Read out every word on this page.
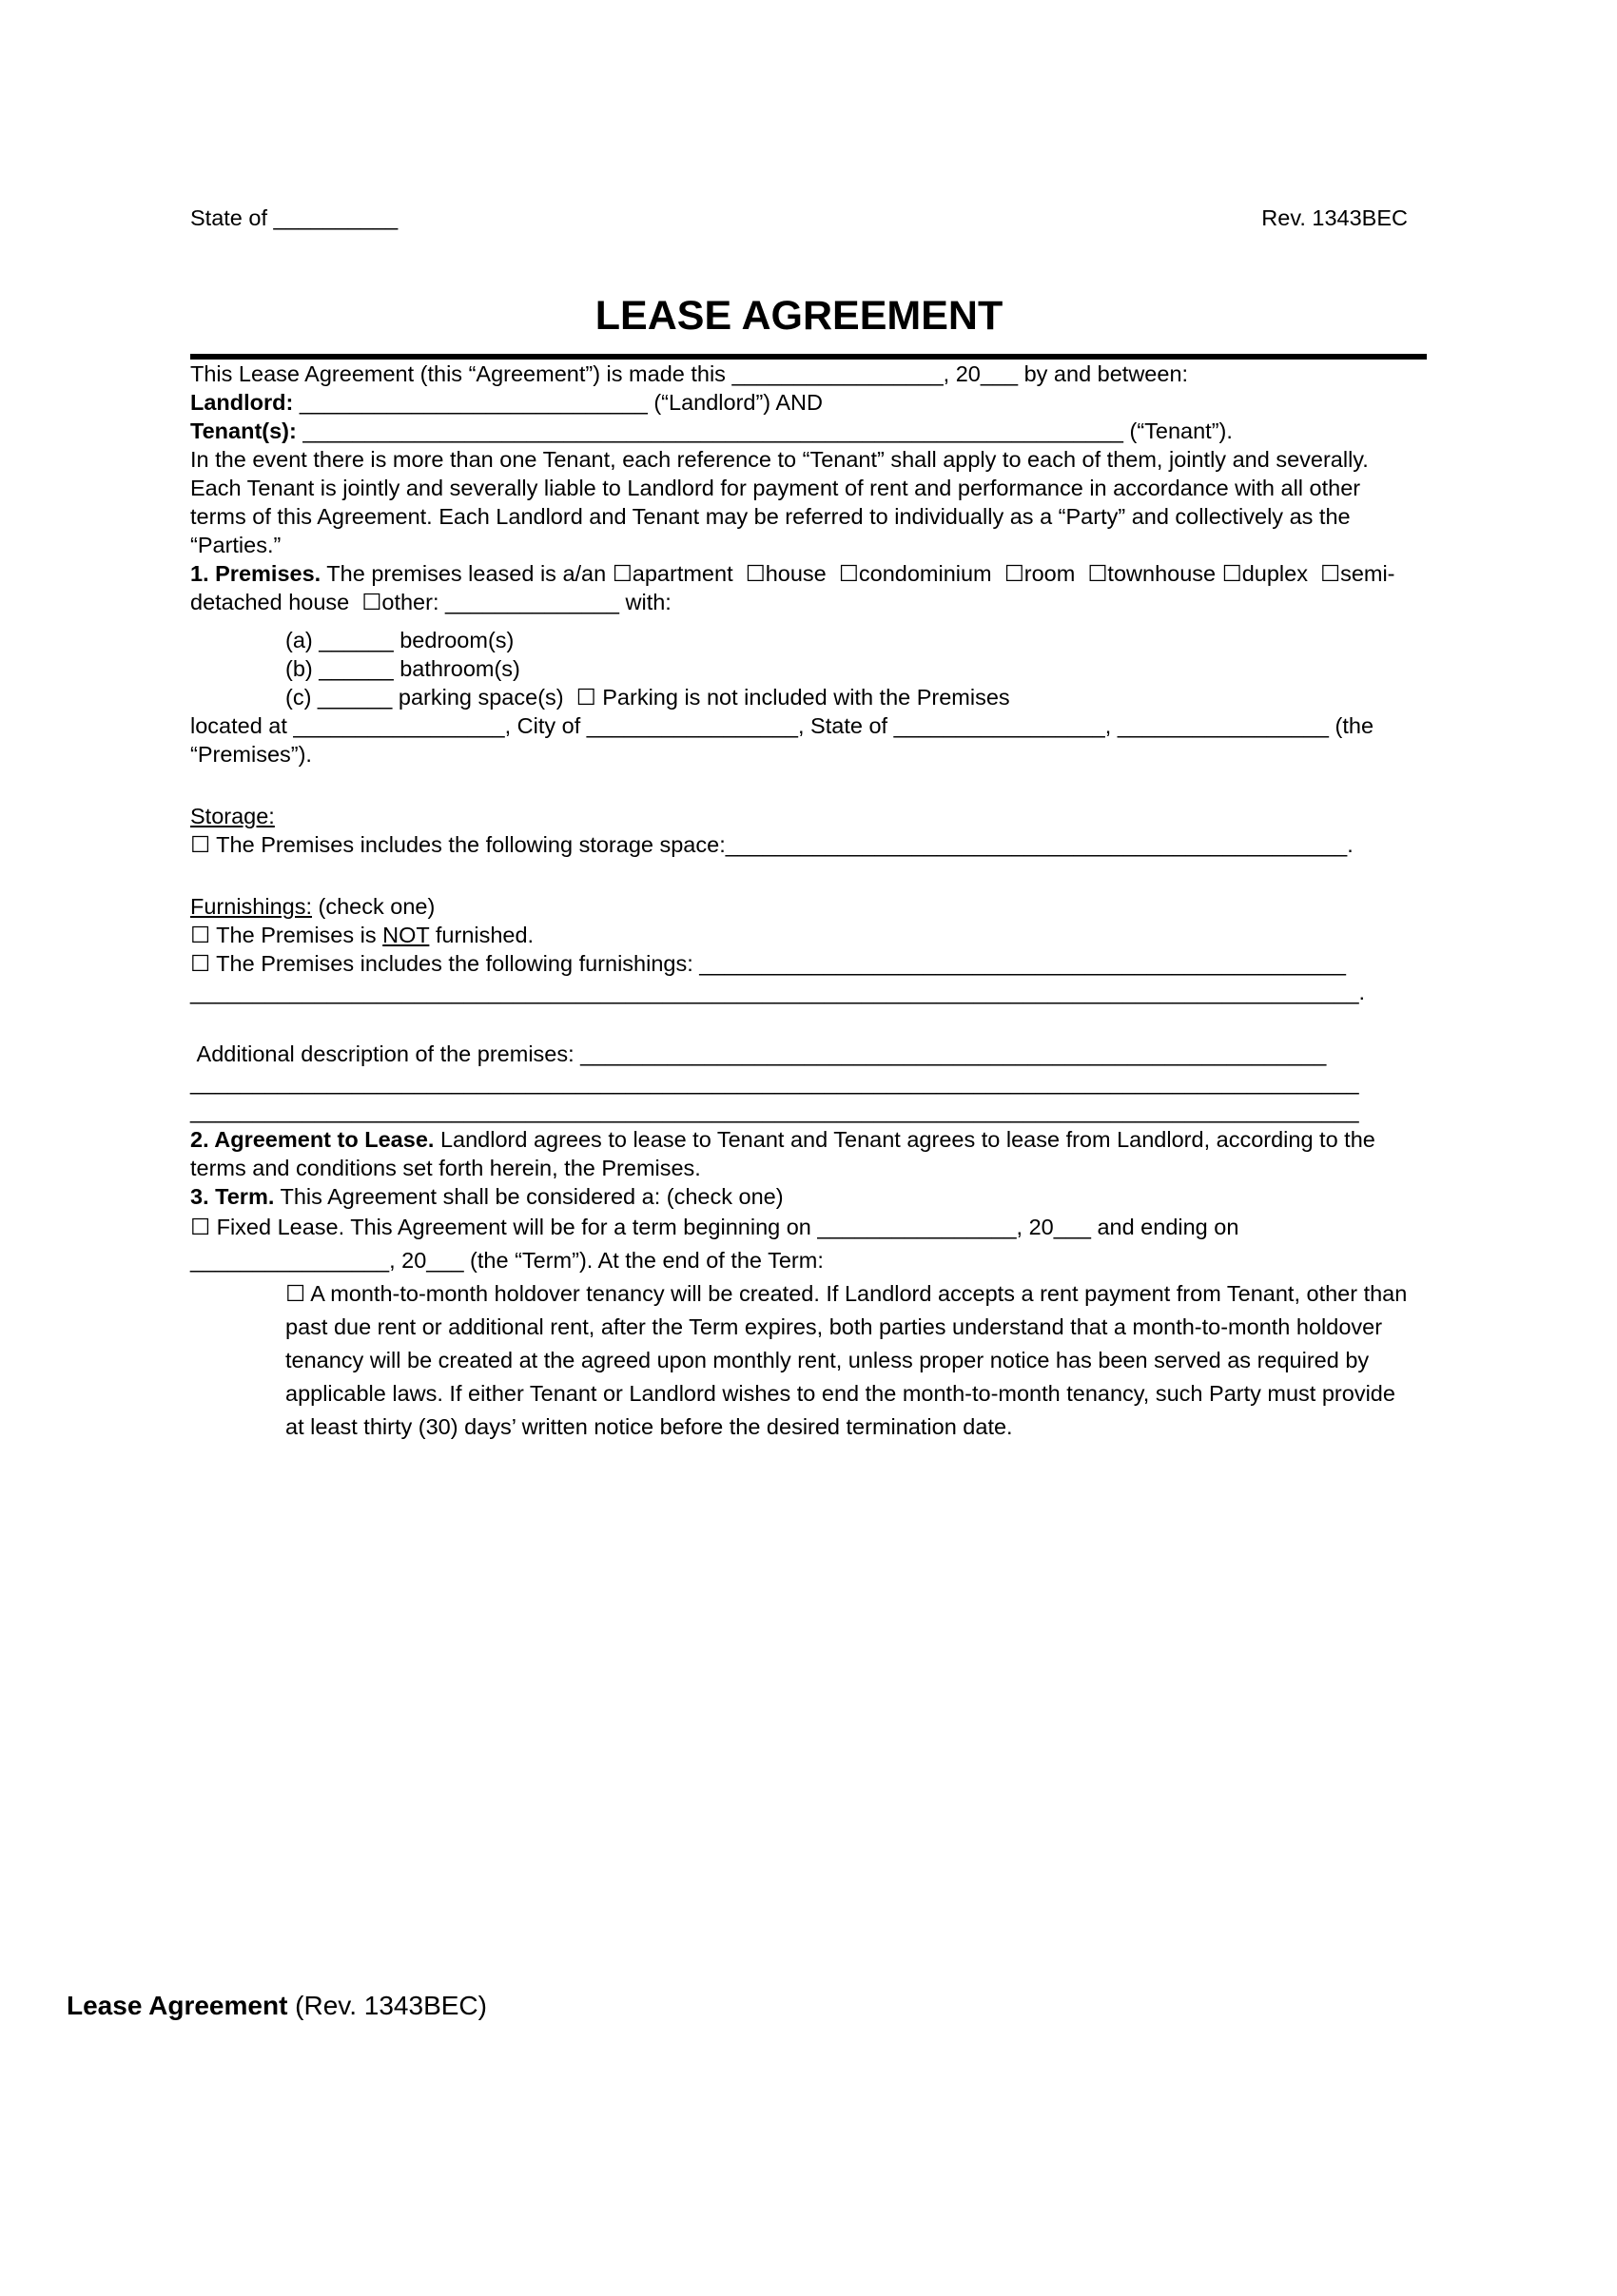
State of __________	Rev. 1343BEC
LEASE AGREEMENT

This Lease Agreement (this “Agreement”) is made this _________________, 20___ by and between:

Landlord: ____________________________ (“Landlord”) AND

Tenant(s): __________________________________________________________________ (“Tenant”).

In the event there is more than one Tenant, each reference to “Tenant” shall apply to each of them, jointly and severally. Each Tenant is jointly and severally liable to Landlord for payment of rent and performance in accordance with all other terms of this Agreement. Each Landlord and Tenant may be referred to individually as a “Party” and collectively as the “Parties.”

1. Premises. The premises leased is a/an ☐apartment  ☐house  ☐condominium  ☐room  ☐townhouse ☐duplex  ☐semi-detached house  ☐other: ______________ with:

(a) ______ bedroom(s)

(b) ______ bathroom(s)

(c) ______ parking space(s)  ☐ Parking is not included with the Premises

located at _________________, City of _________________, State of _________________, _________________ (the “Premises”).

Storage:

☐ The Premises includes the following storage space:__________________________________________________.

Furnishings: (check one)

☐ The Premises is NOT furnished.

☐ The Premises includes the following furnishings: ____________________________________________________

______________________________________________________________________________________________.

Additional description of the premises: ____________________________________________________________

______________________________________________________________________________________________

______________________________________________________________________________________________

2. Agreement to Lease. Landlord agrees to lease to Tenant and Tenant agrees to lease from Landlord, according to the terms and conditions set forth herein, the Premises.

3. Term. This Agreement shall be considered a: (check one)

☐ Fixed Lease. This Agreement will be for a term beginning on ________________, 20___ and ending on ________________, 20___ (the “Term”). At the end of the Term:

☐ A month-to-month holdover tenancy will be created. If Landlord accepts a rent payment from Tenant, other than past due rent or additional rent, after the Term expires, both parties understand that a month-to-month holdover tenancy will be created at the agreed upon monthly rent, unless proper notice has been served as required by applicable laws. If either Tenant or Landlord wishes to end the month-to-month tenancy, such Party must provide at least thirty (30) days’ written notice before the desired termination date.

Lease Agreement (Rev. 1343BEC)
